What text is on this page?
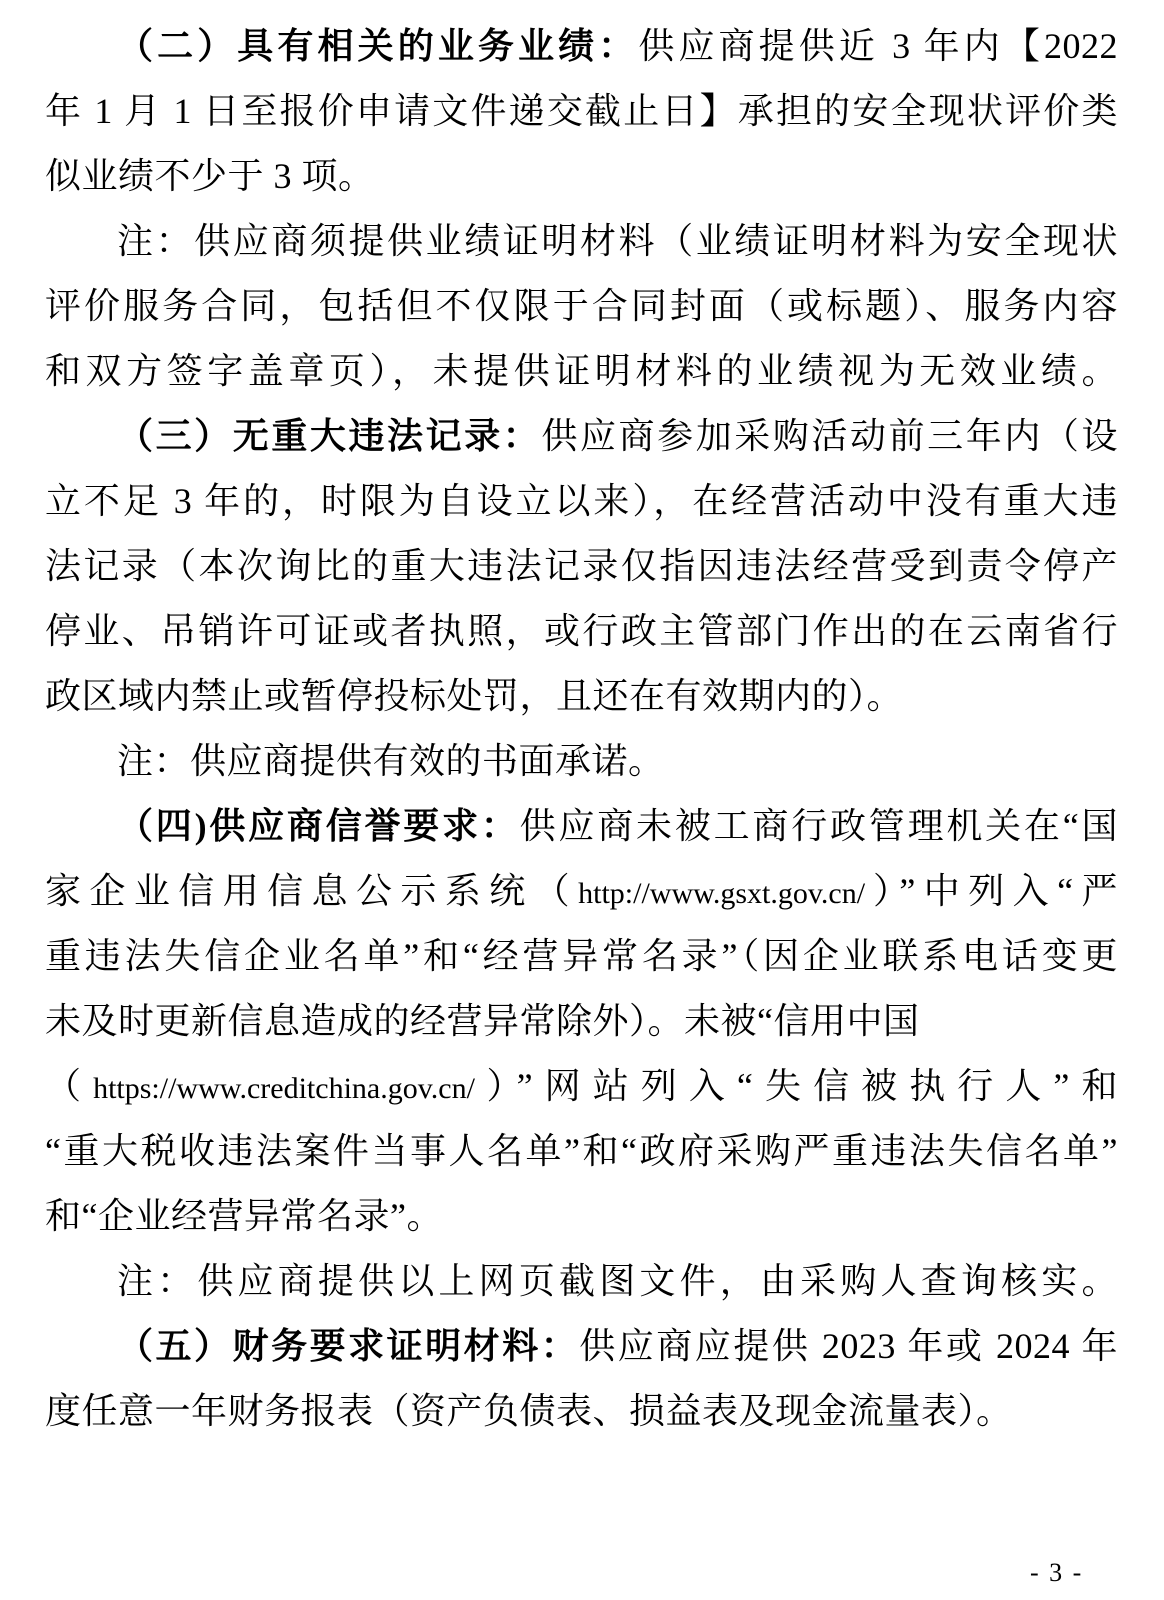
（二）具有相关的业务业绩：供应商提供近 3 年内【2022
年 1 月 1 日至报价申请文件递交截止日】承担的安全现状评价类
似业绩不少于 3 项。
注：供应商须提供业绩证明材料（业绩证明材料为安全现状
评价服务合同，包括但不仅限于合同封面（或标题）、服务内容
和双方签字盖章页），未提供证明材料的业绩视为无效业绩。
（三）无重大违法记录：供应商参加采购活动前三年内（设
立不足 3 年的，时限为自设立以来），在经营活动中没有重大违
法记录（本次询比的重大违法记录仅指因违法经营受到责令停产
停业、吊销许可证或者执照，或行政主管部门作出的在云南省行
政区域内禁止或暂停投标处罚，且还在有效期内的）。
注：供应商提供有效的书面承诺。
（四)供应商信誉要求：供应商未被工商行政管理机关在“国
家企业信用信息公示系统（http://www.gsxt.gov.cn/）”中列入“严
重违法失信企业名单”和“经营异常名录”（因企业联系电话变更
未及时更新信息造成的经营异常除外）。未被“信用中国
（https://www.creditchina.gov.cn/）”网站列入“失信被执行人”和
“重大税收违法案件当事人名单”和“政府采购严重违法失信名单”
和“企业经营异常名录”。
注：供应商提供以上网页截图文件，由采购人查询核实。
（五）财务要求证明材料：供应商应提供 2023 年或 2024 年
度任意一年财务报表（资产负债表、损益表及现金流量表）。
- 3 -
